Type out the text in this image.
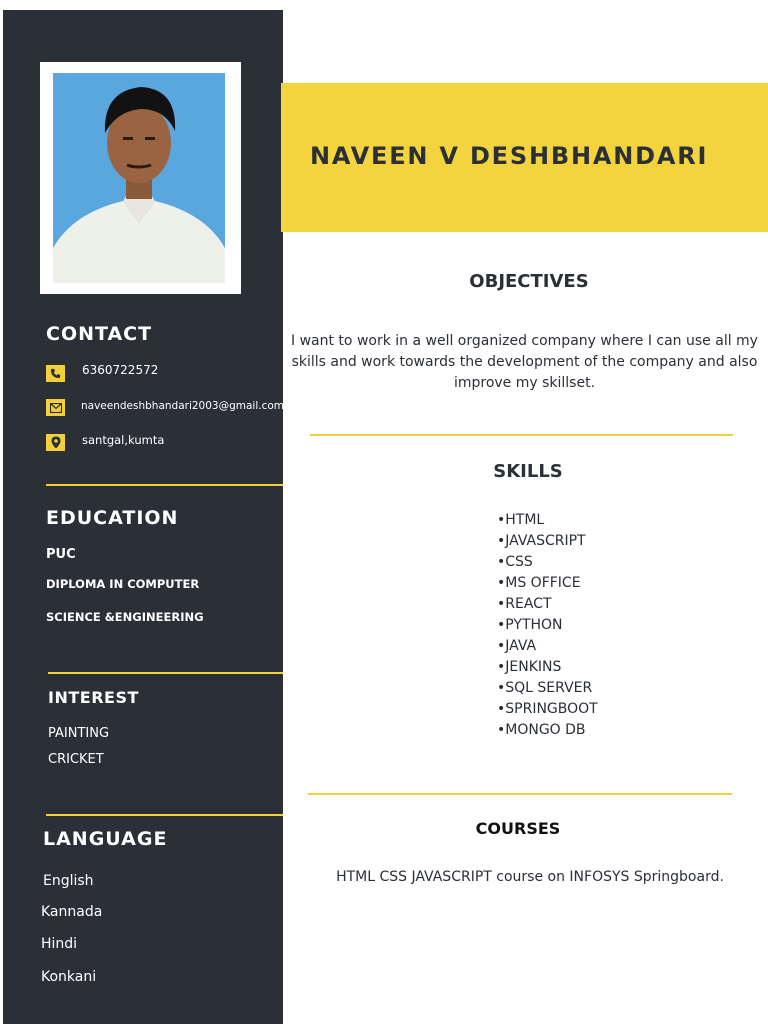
CONTACT
6360722572
naveendeshbhandari2003@gmail.com
santgal,kumta
EDUCATION
PUC
DIPLOMA IN COMPUTER
SCIENCE &ENGINEERING
INTEREST
PAINTING
CRICKET
LANGUAGE
English
Kannada
Hindi
Konkani
NAVEEN V DESHBHANDARI
OBJECTIVES
I want to work in a well organized company where I can use all my skills and work towards the development of the company and also improve my skillset.
SKILLS
•HTML
•JAVASCRIPT
•CSS
•MS OFFICE
•REACT
•PYTHON
•JAVA
•JENKINS
•SQL SERVER
•SPRINGBOOT
•MONGO DB
COURSES
HTML CSS JAVASCRIPT course on INFOSYS Springboard.
